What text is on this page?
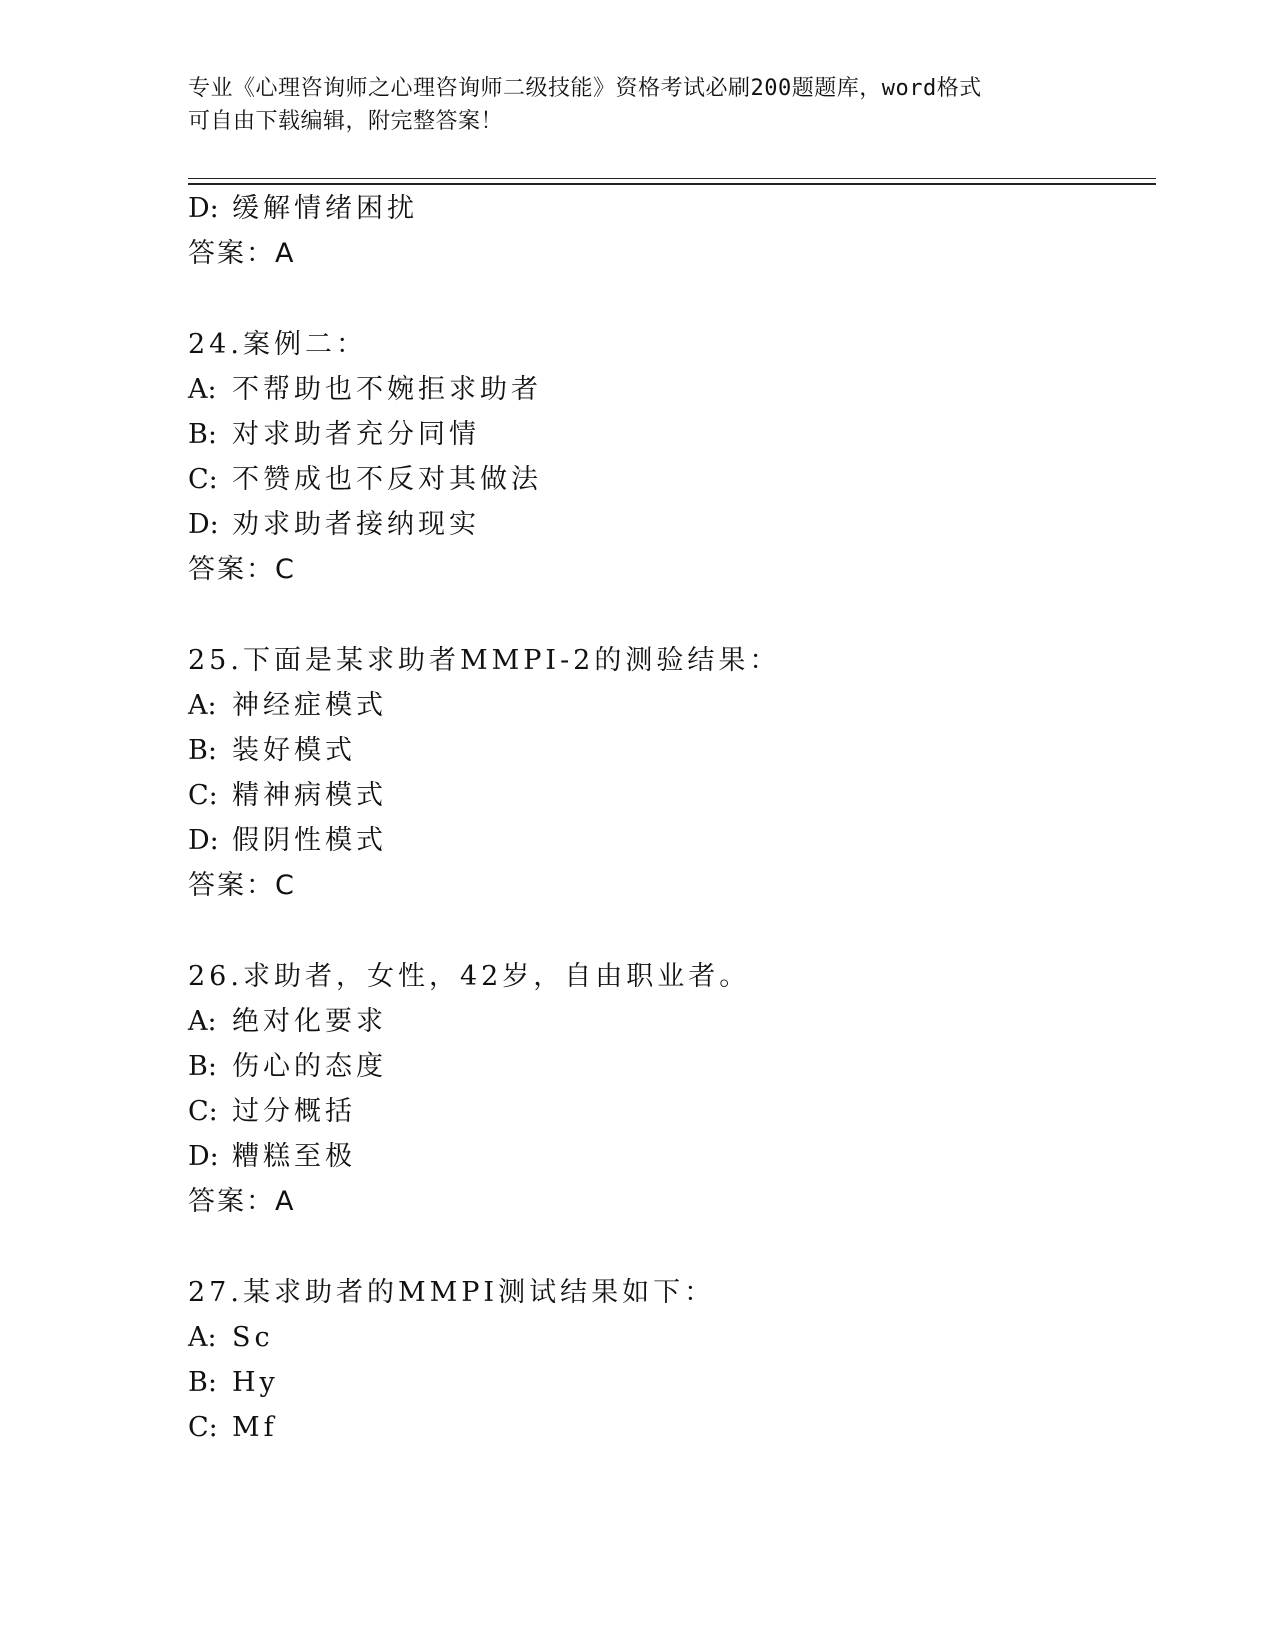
专业《心理咨询师之心理咨询师二级技能》资格考试必刷200题题库，word格式
可自由下载编辑，附完整答案！
D: 缓解情绪困扰
答案：A
24.案例二：
A: 不帮助也不婉拒求助者
B: 对求助者充分同情
C: 不赞成也不反对其做法
D: 劝求助者接纳现实
答案：C
25.下面是某求助者MMPI-2的测验结果：
A: 神经症模式
B: 装好模式
C: 精神病模式
D: 假阴性模式
答案：C
26.求助者，女性，42岁，自由职业者。
A: 绝对化要求
B: 伤心的态度
C: 过分概括
D: 糟糕至极
答案：A
27.某求助者的MMPI测试结果如下：
A: Sc
B: Hy
C: Mf
